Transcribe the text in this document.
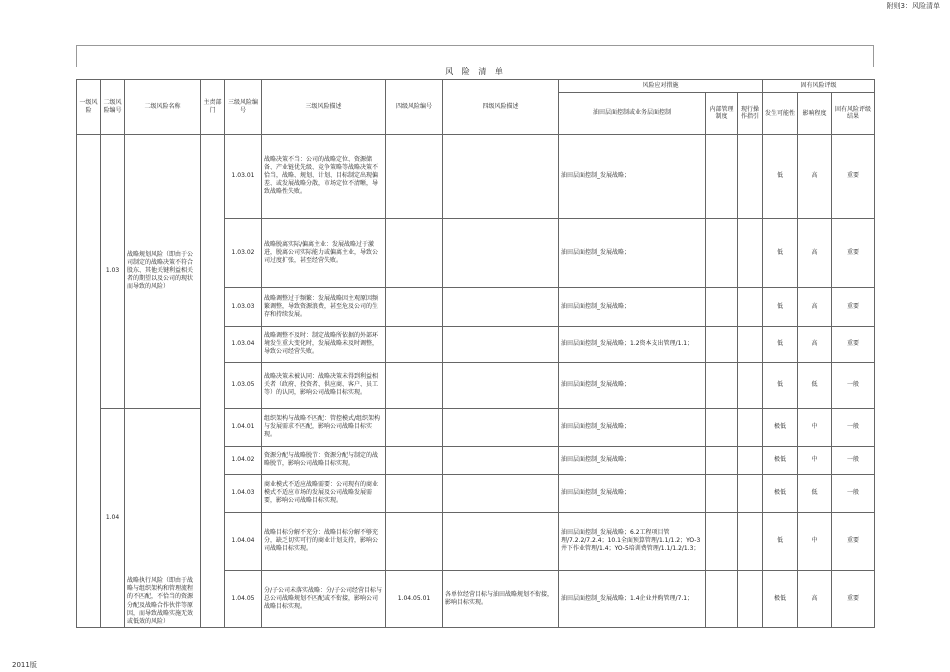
附则3：风险清单
风 险 清 单													
一级风险	二级风险编号	二级风险名称	主责部门	三级风险编号	三级风险描述	四级风险编号	四级风险描述	风险应对措施			固有风险评级		
								油田层面控制或业务层面控制	内部管理制度	现行操作指引	发生可能性	影响程度	固有风险评级结果
	1.03	战略规划风险（即由于公司制定的战略决策不符合股东、其他关键利益相关者的期望以及公司的现状而导致的风险）		1.03.01	战略决策不当：公司的战略定位、资源储备、产业链优先级、竞争策略等战略决策不恰当，战略、规划、计划、目标制定出现偏差、或发展战略分散，市场定位不清晰，导致战略性失败。			油田层面控制_发展战略；			低	高	重要
				1.03.02	战略脱离实际/偏离主业：发展战略过于激进，脱离公司实际能力或偏离主业，导致公司过度扩张，甚至经营失败。			油田层面控制_发展战略；			低	高	重要
				1.03.03	战略调整过于频繁：发展战略因主观原因频繁调整，导致资源浪费，甚至危及公司的生存和持续发展。			油田层面控制_发展战略；			低	高	重要
				1.03.04	战略调整不及时：制定战略所依据的外部环境发生重大变化时，发展战略未及时调整，导致公司经营失败。			油田层面控制_发展战略；1.2资本支出管理/1.1；			低	高	重要
				1.03.05	战略决策未被认同：战略决策未得到利益相关者（政府、投资者、供应商、客户、员工等）的认同，影响公司战略目标实现。			油田层面控制_发展战略；			低	低	一般
	1.04	战略执行风险（即由于战略与组织架构和管理流程的不匹配，不恰当的资源分配及战略合作伙伴等原因，而导致战略实施无效或低效的风险）		1.04.01	组织架构与战略不匹配：管控模式/组织架构与发展需求不匹配，影响公司战略目标实现。			油田层面控制_发展战略；			极低	中	一般
				1.04.02	资源分配与战略脱节：资源分配与制定的战略脱节，影响公司战略目标实现。			油田层面控制_发展战略；			极低	中	一般
				1.04.03	商业模式不适应战略需要：公司现有的商业模式不适应市场的发展及公司战略发展需要，影响公司战略目标实现。			油田层面控制_发展战略；			极低	低	一般
				1.04.04	战略目标分解不充分：战略目标分解不够充分，缺乏切实可行的商业计划支持，影响公司战略目标实现。			油田层面控制_发展战略；6.2工程项目管理/7.2.2/7.2.4；10.1全面预算管理/1.1/1.2；YO-3井下作业管理/1.4；YO-5培训费管理/1.1/1.2/1.3；			低	中	重要
				1.04.05	分/子公司未落实战略：分/子公司经营目标与总公司战略规划不匹配或不衔接，影响公司战略目标实现。	1.04.05.01	各单位经营目标与油田战略规划不衔接，影响目标实现。	油田层面控制_发展战略；1.4企业并购管理/7.1；			极低	高	重要
2011版
